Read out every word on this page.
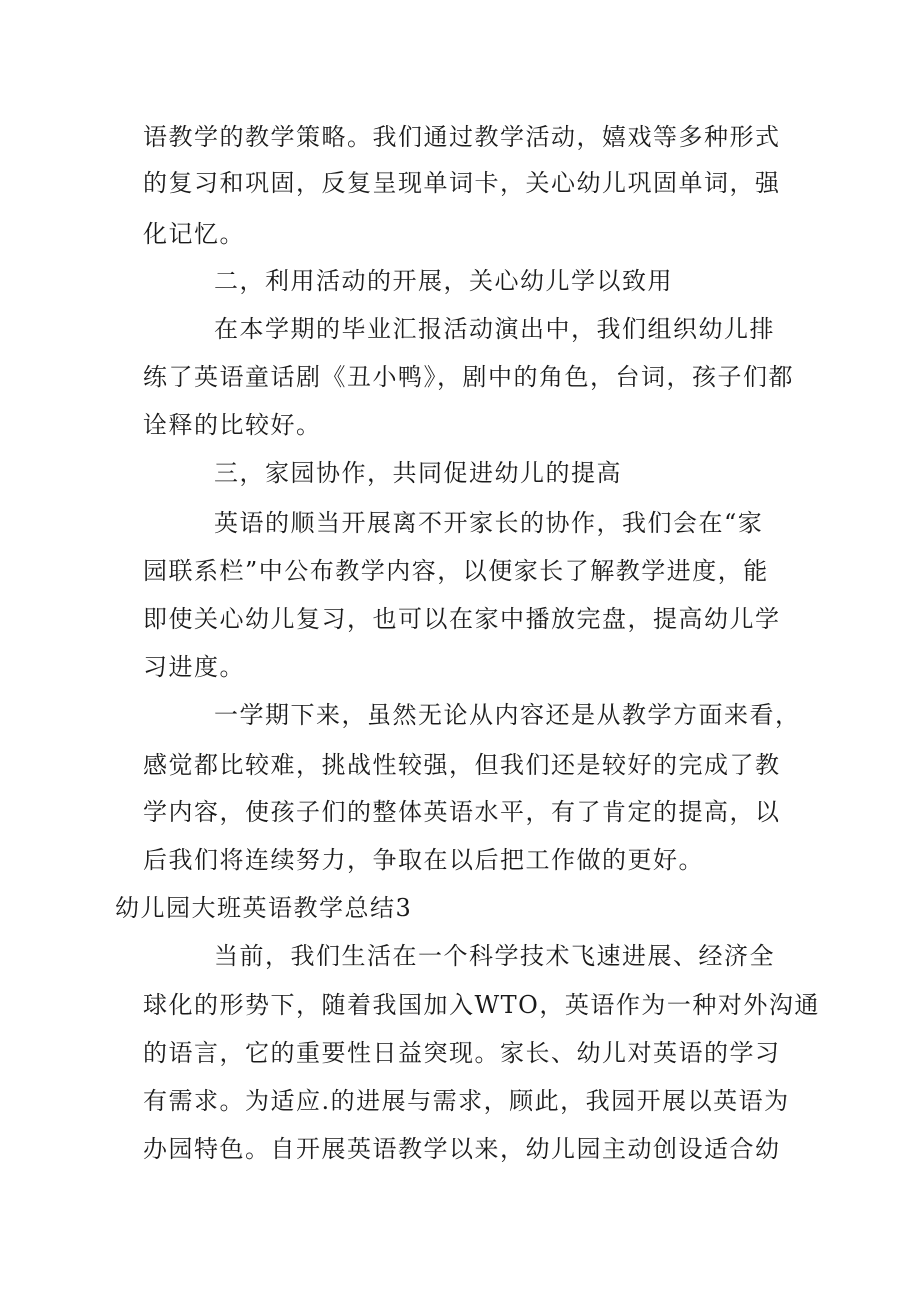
语教学的教学策略。我们通过教学活动，嬉戏等多种形式
的复习和巩固，反复呈现单词卡，关心幼儿巩固单词，强
化记忆。
二，利用活动的开展，关心幼儿学以致用
在本学期的毕业汇报活动演出中，我们组织幼儿排
练了英语童话剧《丑小鸭》，剧中的角色，台词，孩子们都
诠释的比较好。
三，家园协作，共同促进幼儿的提高
英语的顺当开展离不开家长的协作，我们会在“家
园联系栏”中公布教学内容，以便家长了解教学进度，能
即使关心幼儿复习，也可以在家中播放完盘，提高幼儿学
习进度。
一学期下来，虽然无论从内容还是从教学方面来看，
感觉都比较难，挑战性较强，但我们还是较好的完成了教
学内容，使孩子们的整体英语水平，有了肯定的提高，以
后我们将连续努力，争取在以后把工作做的更好。
幼儿园大班英语教学总结3
当前，我们生活在一个科学技术飞速进展、经济全
球化的形势下，随着我国加入WTO，英语作为一种对外沟通
的语言，它的重要性日益突现。家长、幼儿对英语的学习
有需求。为适应.的进展与需求，顾此，我园开展以英语为
办园特色。自开展英语教学以来，幼儿园主动创设适合幼
